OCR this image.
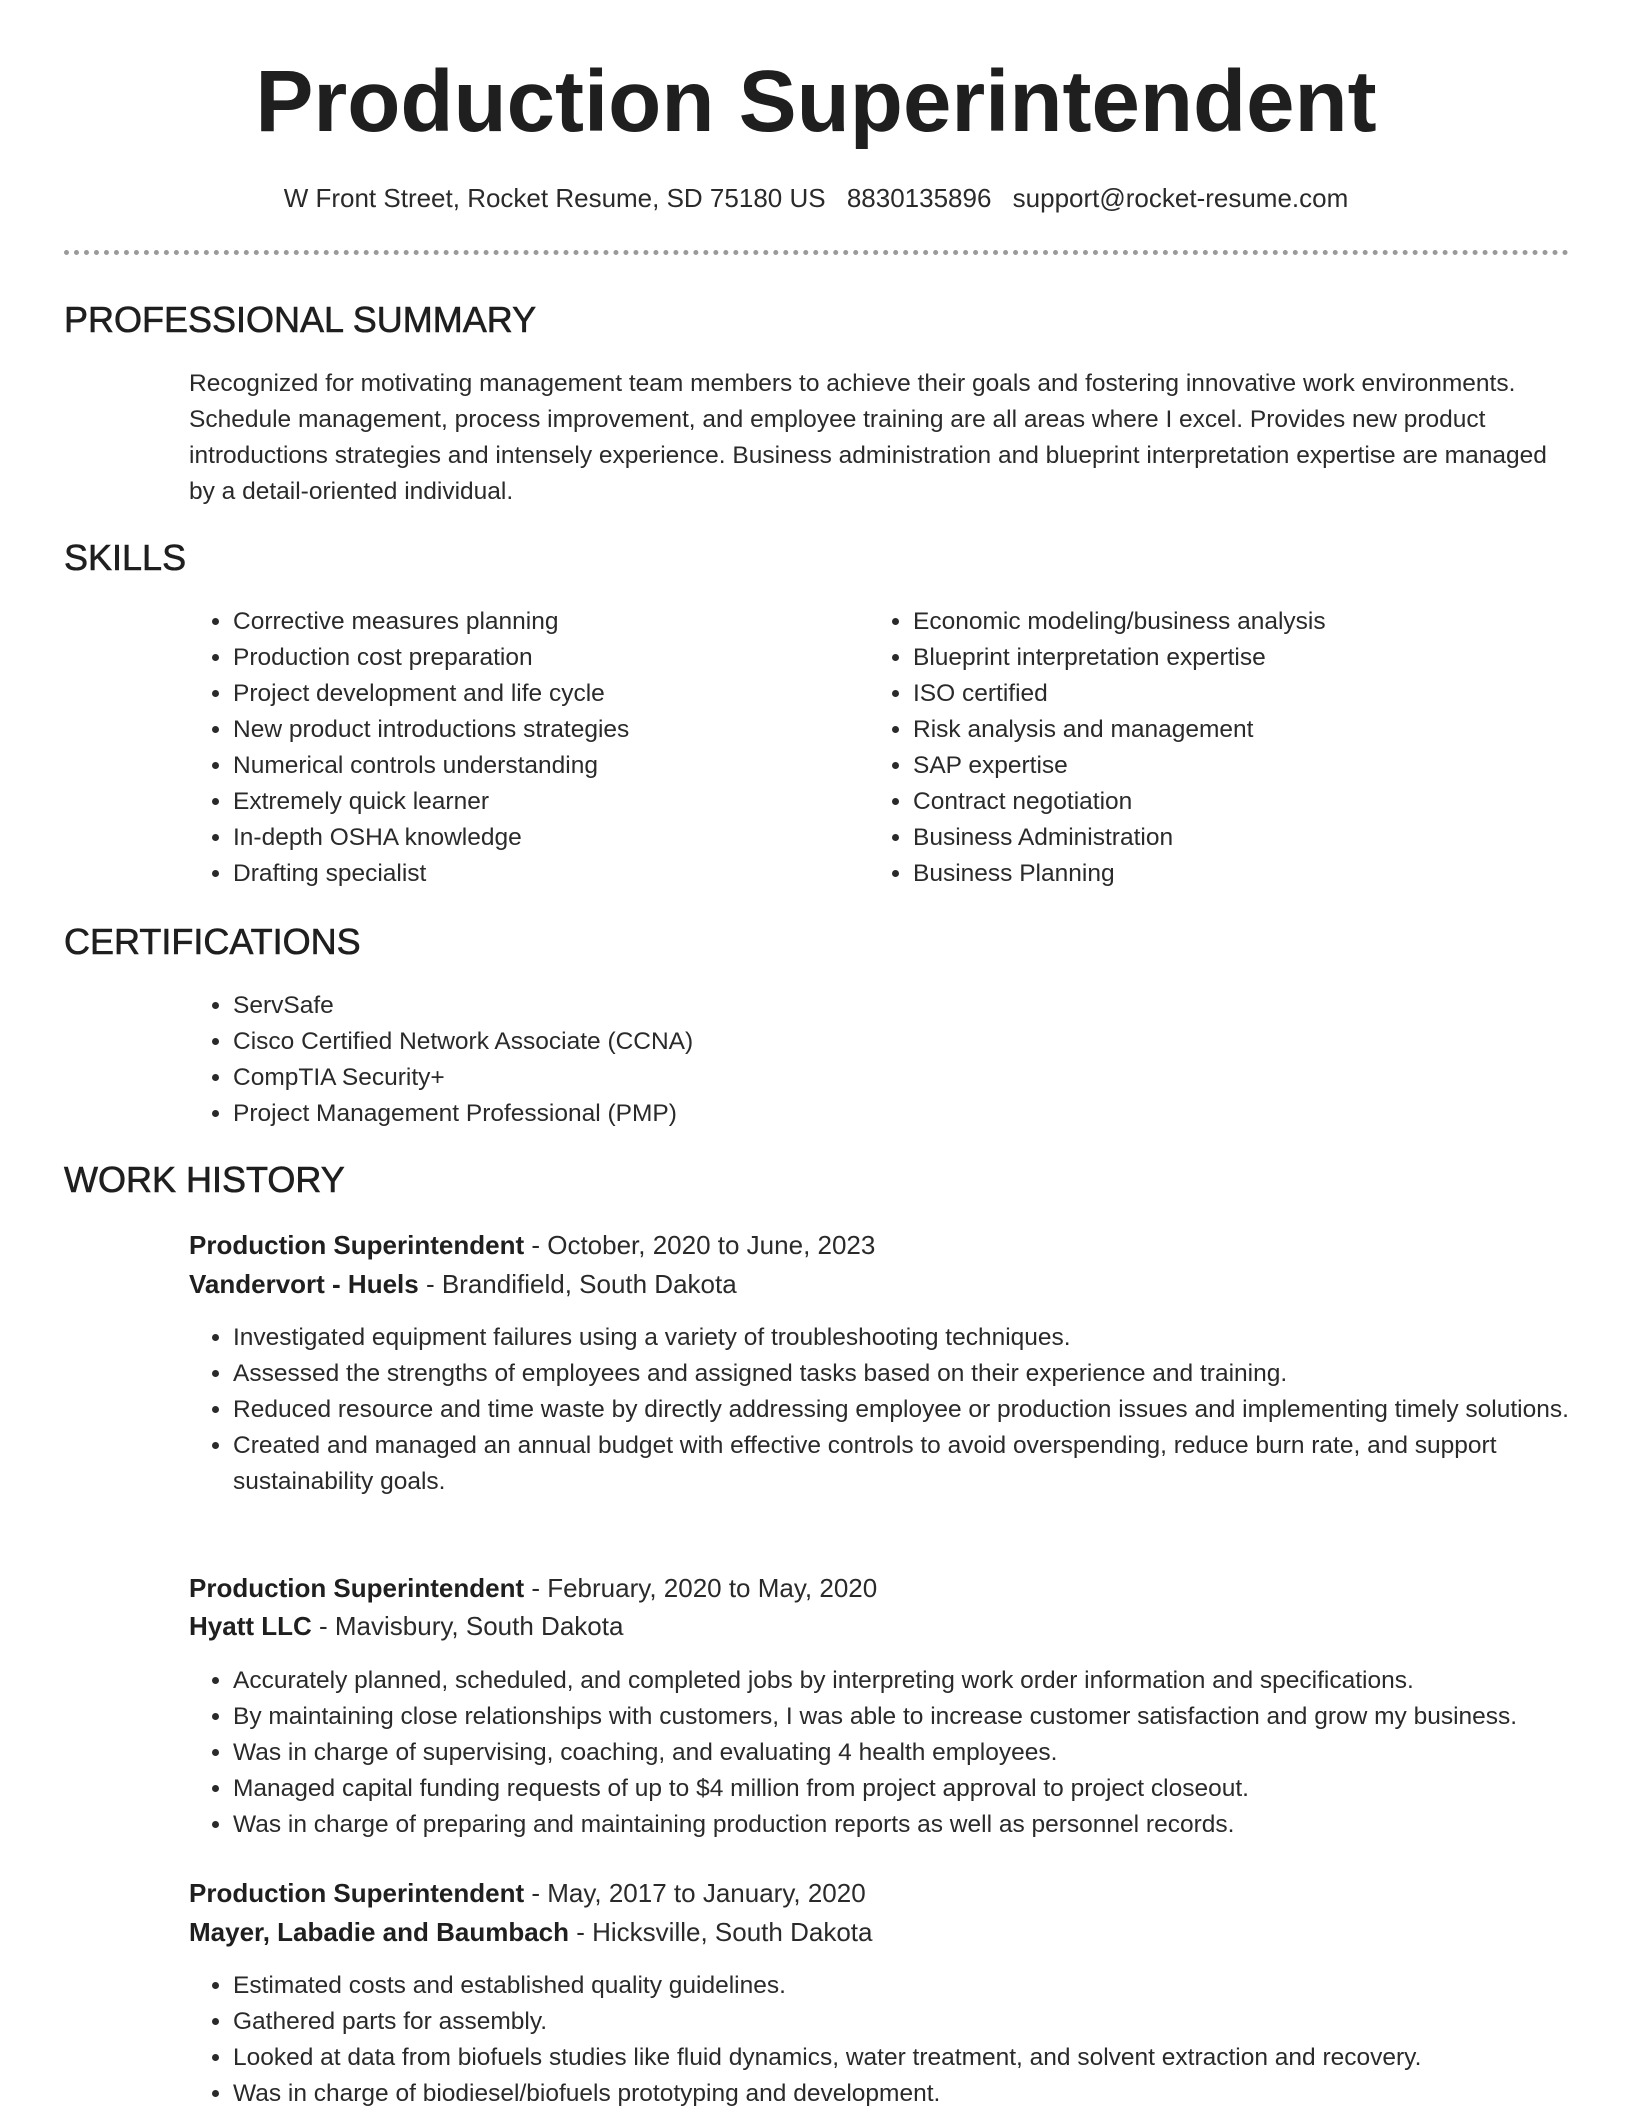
Production Superintendent
W Front Street, Rocket Resume, SD 75180 US 8830135896 support@rocket-resume.com
PROFESSIONAL SUMMARY
Recognized for motivating management team members to achieve their goals and fostering innovative work environments. Schedule management, process improvement, and employee training are all areas where I excel. Provides new product introductions strategies and intensely experience. Business administration and blueprint interpretation expertise are managed by a detail-oriented individual.
SKILLS
• Corrective measures planning
• Production cost preparation
• Project development and life cycle
• New product introductions strategies
• Numerical controls understanding
• Extremely quick learner
• In-depth OSHA knowledge
• Drafting specialist
• Economic modeling/business analysis
• Blueprint interpretation expertise
• ISO certified
• Risk analysis and management
• SAP expertise
• Contract negotiation
• Business Administration
• Business Planning
CERTIFICATIONS
• ServSafe
• Cisco Certified Network Associate (CCNA)
• CompTIA Security+
• Project Management Professional (PMP)
WORK HISTORY
Production Superintendent - October, 2020 to June, 2023
Vandervort - Huels - Brandifield, South Dakota
• Investigated equipment failures using a variety of troubleshooting techniques.
• Assessed the strengths of employees and assigned tasks based on their experience and training.
• Reduced resource and time waste by directly addressing employee or production issues and implementing timely solutions.
• Created and managed an annual budget with effective controls to avoid overspending, reduce burn rate, and support sustainability goals.
Production Superintendent - February, 2020 to May, 2020
Hyatt LLC - Mavisbury, South Dakota
• Accurately planned, scheduled, and completed jobs by interpreting work order information and specifications.
• By maintaining close relationships with customers, I was able to increase customer satisfaction and grow my business.
• Was in charge of supervising, coaching, and evaluating 4 health employees.
• Managed capital funding requests of up to $4 million from project approval to project closeout.
• Was in charge of preparing and maintaining production reports as well as personnel records.
Production Superintendent - May, 2017 to January, 2020
Mayer, Labadie and Baumbach - Hicksville, South Dakota
• Estimated costs and established quality guidelines.
• Gathered parts for assembly.
• Looked at data from biofuels studies like fluid dynamics, water treatment, and solvent extraction and recovery.
• Was in charge of biodiesel/biofuels prototyping and development.
